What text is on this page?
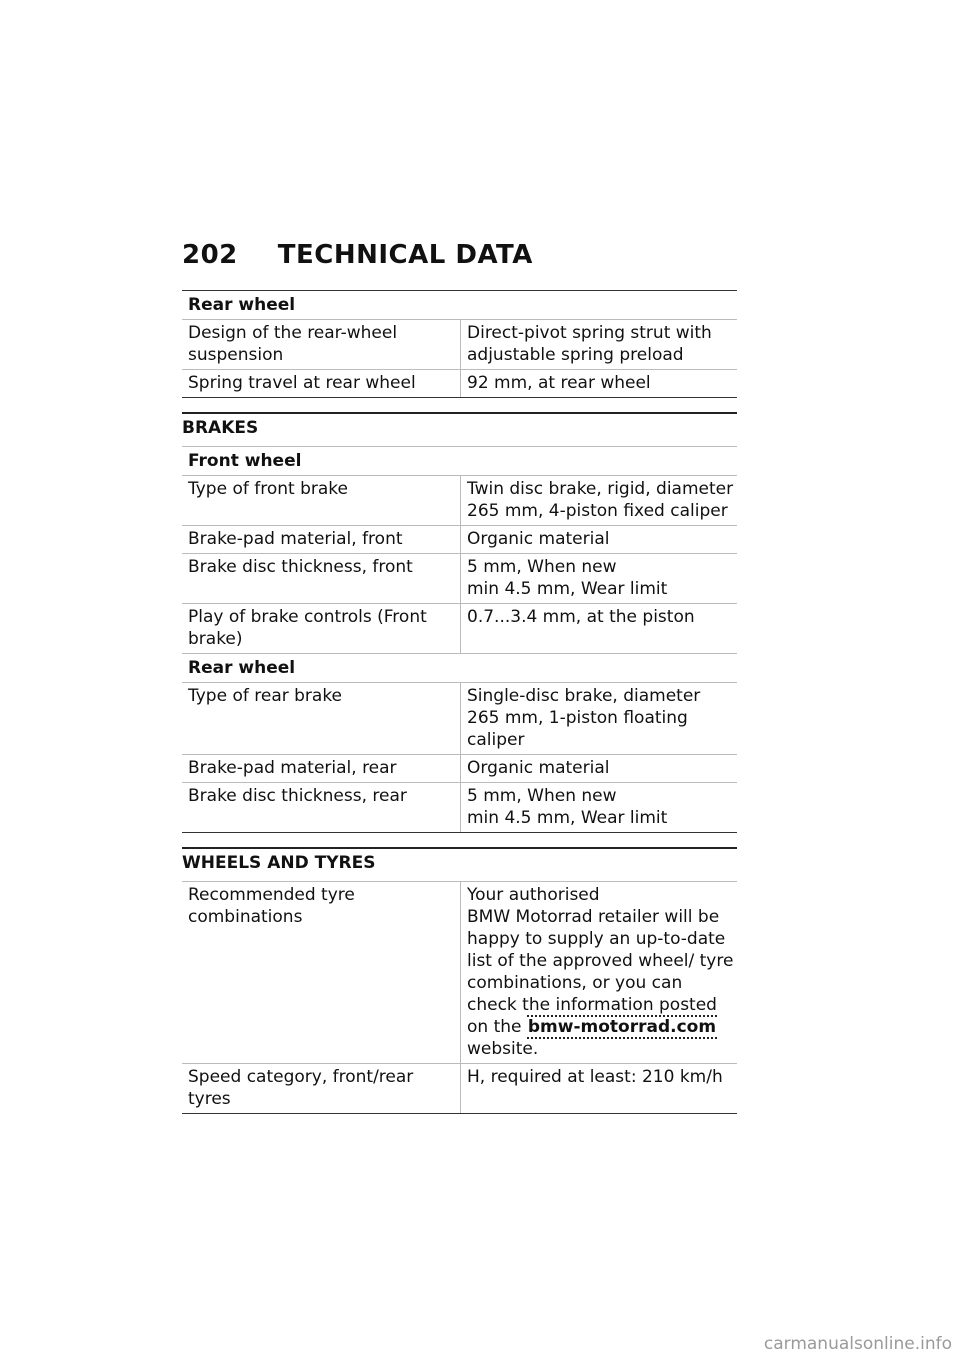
202 TECHNICAL DATA
Rear wheel	
Design of the rear-wheel suspension	Direct-pivot spring strut with adjustable spring preload
Spring travel at rear wheel	92 mm, at rear wheel
BRAKES
Front wheel	
Type of front brake	Twin disc brake, rigid, diameter 265 mm, 4-piston fixed caliper
Brake-pad material, front	Organic material
Brake disc thickness, front	5 mm, When new
min 4.5 mm, Wear limit

Play of brake controls (Front brake)	0.7...3.4 mm, at the piston
Rear wheel	
Type of rear brake	Single-disc brake, diameter 265 mm, 1-piston floating caliper
Brake-pad material, rear	Organic material
Brake disc thickness, rear	5 mm, When new
min 4.5 mm, Wear limit
WHEELS AND TYRES
Recommended tyre combinations	Your authorised
BMW Motorrad retailer will be happy to supply an up-to-date list of the approved wheel/ tyre combinations, or you can check the information posted on the bmw-motorrad.com
website.

Speed category, front/rear tyres	H, required at least: 210 km/h
carmanualsonline.info
